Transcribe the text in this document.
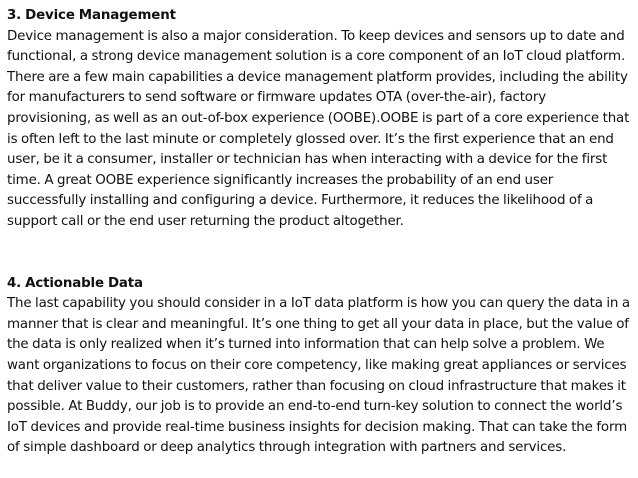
3. Device Management

Device management is also a major consideration. To keep devices and sensors up to date and functional, a strong device management solution is a core component of an IoT cloud platform. There are a few main capabilities a device management platform provides, including the ability for manufacturers to send software or firmware updates OTA (over-the-air), factory provisioning, as well as an out-of-box experience (OOBE).OOBE is part of a core experience that is often left to the last minute or completely glossed over. It’s the first experience that an end user, be it a consumer, installer or technician has when interacting with a device for the first time. A great OOBE experience significantly increases the probability of an end user successfully installing and configuring a device. Furthermore, it reduces the likelihood of a support call or the end user returning the product altogether.

4. Actionable Data

The last capability you should consider in a IoT data platform is how you can query the data in a manner that is clear and meaningful. It’s one thing to get all your data in place, but the value of the data is only realized when it’s turned into information that can help solve a problem. We want organizations to focus on their core competency, like making great appliances or services that deliver value to their customers, rather than focusing on cloud infrastructure that makes it possible. At Buddy, our job is to provide an end-to-end turn-key solution to connect the world’s IoT devices and provide real-time business insights for decision making. That can take the form of simple dashboard or deep analytics through integration with partners and services.
